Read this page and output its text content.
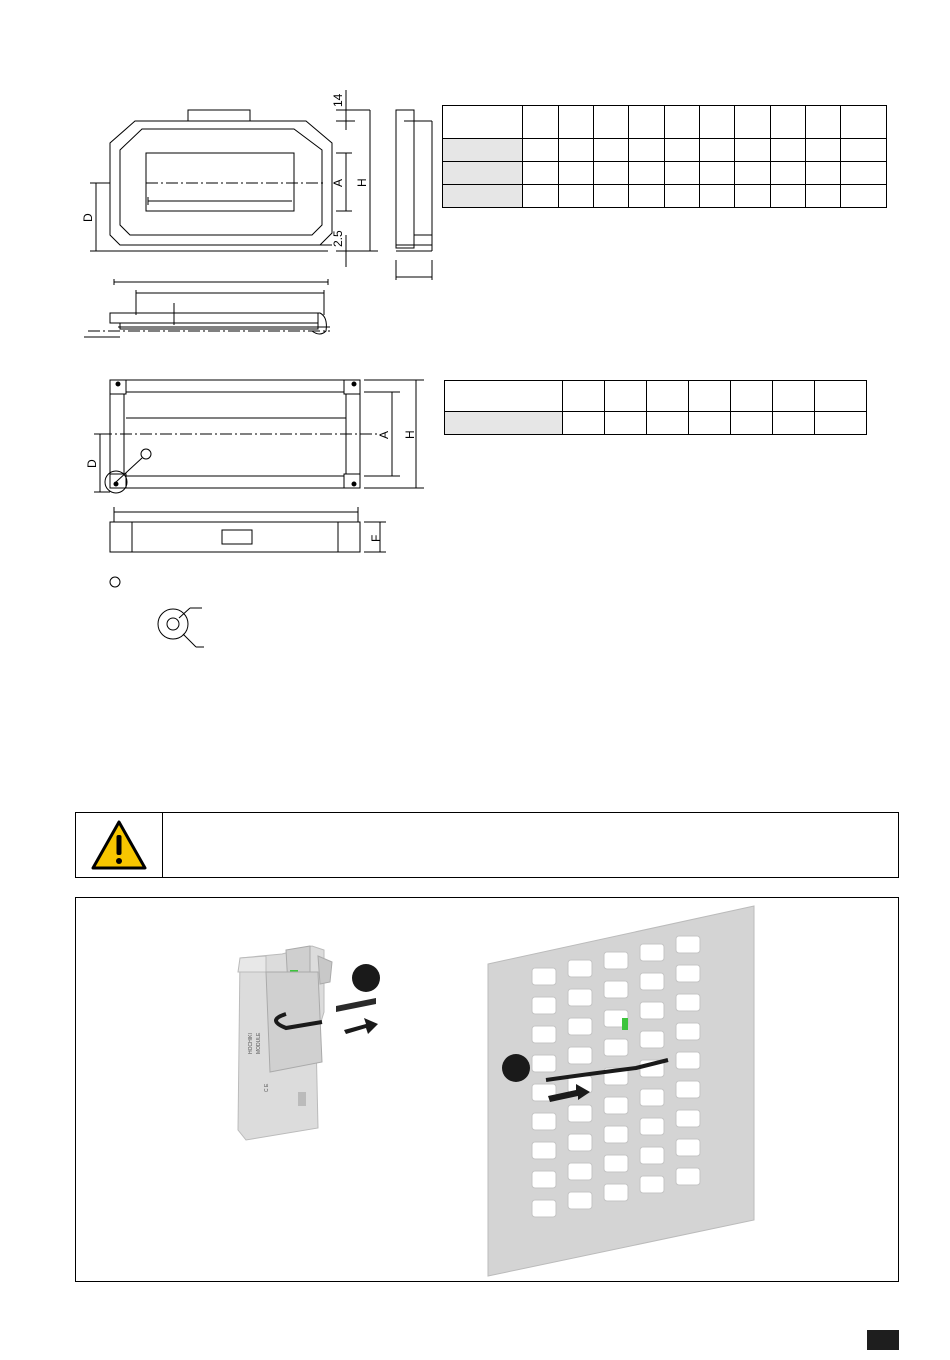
14
A H
2.5
D

D
A H
F

HOCHIKI MODULE
C E
